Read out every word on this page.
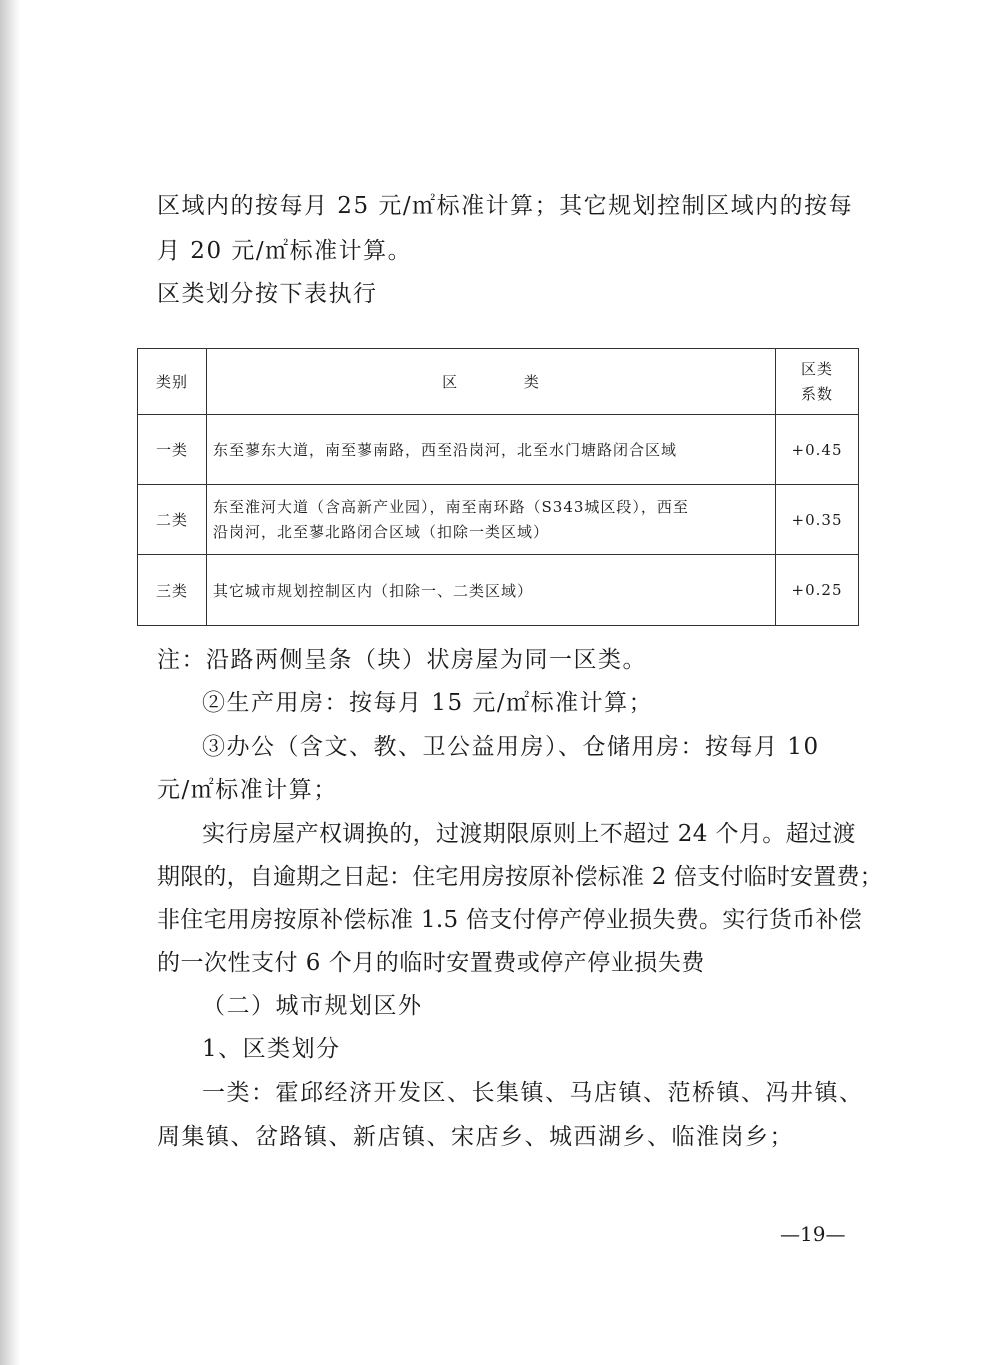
区域内的按每月 25 元/㎡标准计算；其它规划控制区域内的按每
月 20 元/㎡标准计算。
区类划分按下表执行
类别	区 类	区类
系数

一类	东至蓼东大道，南至蓼南路，西至沿岗河，北至水门塘路闭合区域	+0.45
二类	东至淮河大道（含高新产业园），南至南环路（S343城区段），西至
沿岗河，北至蓼北路闭合区域（扣除一类区域）	+0.35
三类	其它城市规划控制区内（扣除一、二类区域）	+0.25
注：沿路两侧呈条（块）状房屋为同一区类。
②生产用房：按每月 15 元/㎡标准计算；
③办公（含文、教、卫公益用房）、仓储用房：按每月 10
元/㎡标准计算；
实行房屋产权调换的，过渡期限原则上不超过 24 个月。超过渡
期限的，自逾期之日起：住宅用房按原补偿标准 2 倍支付临时安置费；
非住宅用房按原补偿标准 1.5 倍支付停产停业损失费。实行货币补偿
的一次性支付 6 个月的临时安置费或停产停业损失费
（二）城市规划区外
1、区类划分
一类：霍邱经济开发区、长集镇、马店镇、范桥镇、冯井镇、
周集镇、岔路镇、新店镇、宋店乡、城西湖乡、临淮岗乡；
—19—
